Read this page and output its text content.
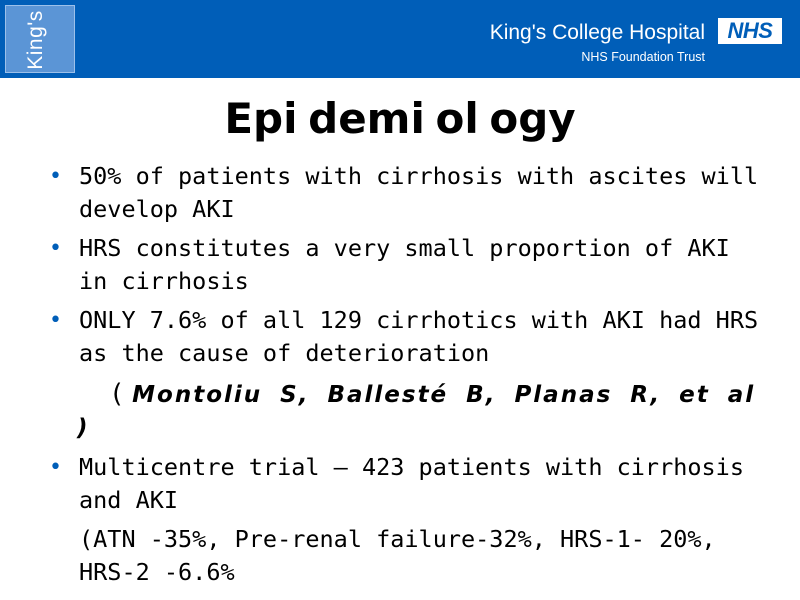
King's	King's College Hospital
NHS Foundation Trust
NHS
Epi demi ol ogy
• 50% of patients with cirrhosis with ascites will develop AKI
• HRS constitutes a very small proportion of AKI in cirrhosis
• ONLY 7.6% of all 129 cirrhotics with AKI had HRS as the cause of deterioration
( Montoliu S, Ballesté B, Planas R, et al
)
• Multicentre trial – 423 patients with cirrhosis and AKI
(ATN -35%, Pre-renal failure-32%, HRS-1- 20%, HRS-2 -6.6%
